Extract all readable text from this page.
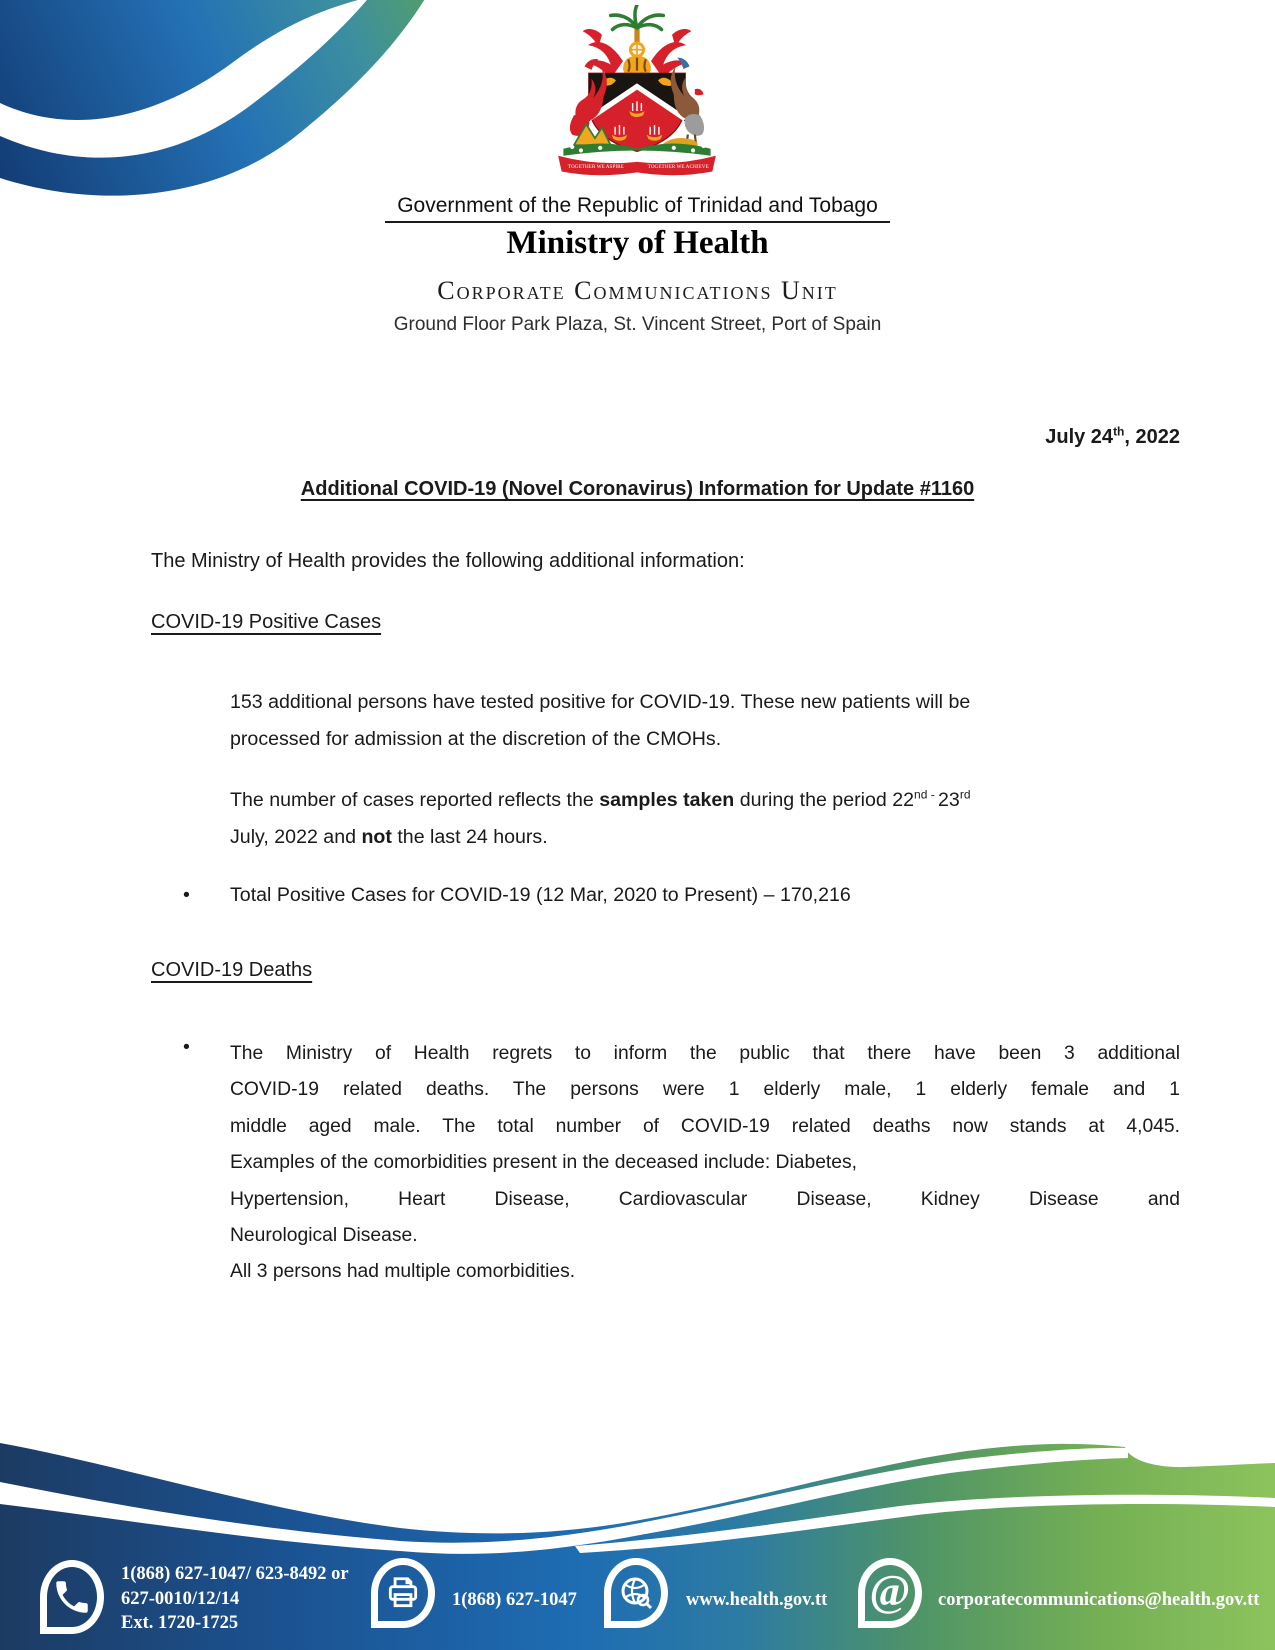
TOGETHER WE ASPIRE	TOGETHER WE ACHIEVE
Government of the Republic of Trinidad and Tobago
Ministry of Health
Corporate Communications Unit
Ground Floor Park Plaza, St. Vincent Street, Port of Spain
July 24th, 2022
Additional COVID-19 (Novel Coronavirus) Information for Update #1160
The Ministry of Health provides the following additional information:
COVID-19 Positive Cases
153 additional persons have tested positive for COVID-19. These new patients will be
processed for admission at the discretion of the CMOHs.
The number of cases reported reflects the samples taken during the period $22^{nd -}$ 23rd
July, 2022 and not the last 24 hours.
• Total Positive Cases for COVID-19 (12 Mar, 2020 to Present) – 170,216
COVID-19 Deaths
• The Ministry of Health regrets to inform the public that there have been 3 additional
COVID-19 related deaths. The persons were 1 elderly male, 1 elderly female and 1
middle aged male. The total number of COVID-19 related deaths now stands at 4,045.
Examples of the comorbidities present in the deceased include: Diabetes,
Hypertension, Heart Disease, Cardiovascular Disease, Kidney Disease and
Neurological Disease.
All 3 persons had multiple comorbidities.
1(868) 627-1047/ 623-8492 or
627-0010/12/14
Ext. 1720-1725
1(868) 627-1047	www.health.gov.tt @ corporatecommunications@health.gov.tt
